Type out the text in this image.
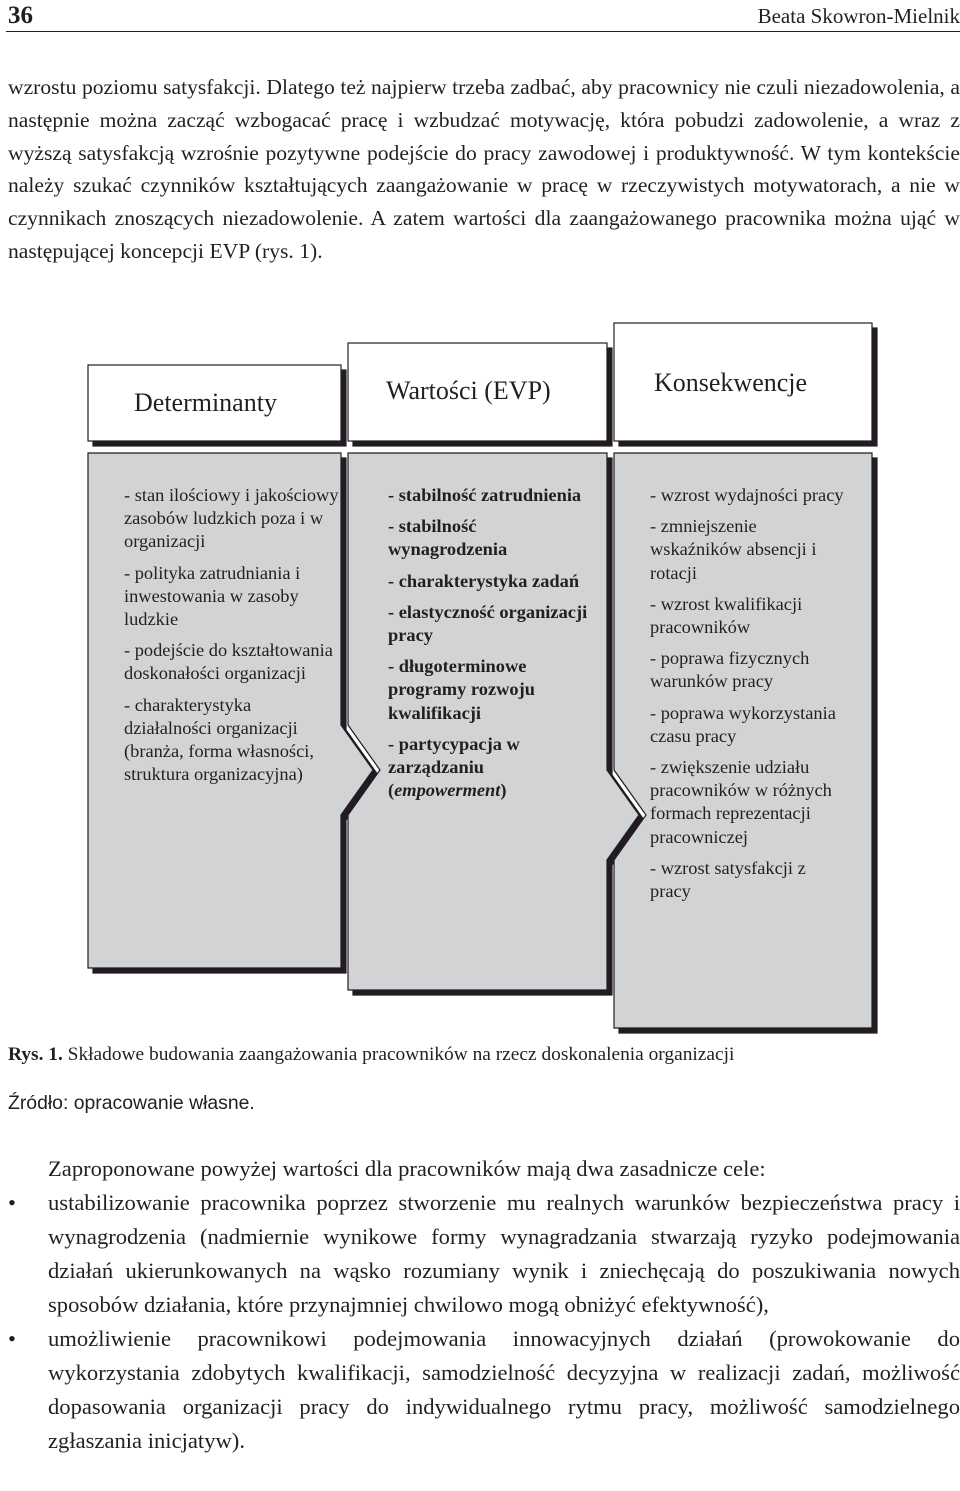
36	Beata Skowron-Mielnik

wzrostu poziomu satysfakcji. Dlatego też najpierw trzeba zadbać, aby pracownicy nie czuli niezadowolenia, a następnie można zacząć wzbogacać pracę i wzbudzać motywację, która pobudzi zadowolenie, a wraz z wyższą satysfakcją wzrośnie pozytywne podejście do pracy zawodowej i produktywność. W tym kontekście należy szukać czynników kształtujących zaangażowanie w pracę w rzeczywistych motywatorach, a nie w czynnikach znoszących niezadowolenie. A zatem wartości dla zaangażowanego pracownika można ująć w następującej koncepcji EVP (rys. 1).

Determinanty	Wartości (EVP)	Konsekwencje
- stan ilościowy i jakościowy zasobów ludzkich poza i w organizacji
- polityka zatrudniania i inwestowania w zasoby ludzkie
- podejście do kształtowania doskonałości organizacji
- charakterystyka działalności organizacji (branża, forma własności, struktura organizacyjna)
- stabilność zatrudnienia
- stabilność wynagrodzenia
- charakterystyka zadań
- elastyczność organizacji pracy
- długoterminowe programy rozwoju kwalifikacji
- partycypacja w zarządzaniu (empowerment)
- wzrost wydajności pracy
- zmniejszenie wskaźników absencji i rotacji
- wzrost kwalifikacji pracowników
- poprawa fizycznych warunków pracy
- poprawa wykorzystania czasu pracy
- zwiększenie udziału pracowników w różnych formach reprezentacji pracowniczej
- wzrost satysfakcji z pracy
Rys. 1. Składowe budowania zaangażowania pracowników na rzecz doskonalenia organizacji
Źródło: opracowanie własne.

Zaproponowane powyżej wartości dla pracowników mają dwa zasadnicze cele:

• ustabilizowanie pracownika poprzez stworzenie mu realnych warunków bezpieczeństwa pracy i wynagrodzenia (nadmiernie wynikowe formy wynagradzania stwarzają ryzyko podejmowania działań ukierunkowanych na wąsko rozumiany wynik i zniechęcają do poszukiwania nowych sposobów działania, które przynajmniej chwilowo mogą obniżyć efektywność),

• umożliwienie pracownikowi podejmowania innowacyjnych działań (prowokowanie do wykorzystania zdobytych kwalifikacji, samodzielność decyzyjna w realizacji zadań, możliwość dopasowania organizacji pracy do indywidualnego rytmu pracy, możliwość samodzielnego zgłaszania inicjatyw).
